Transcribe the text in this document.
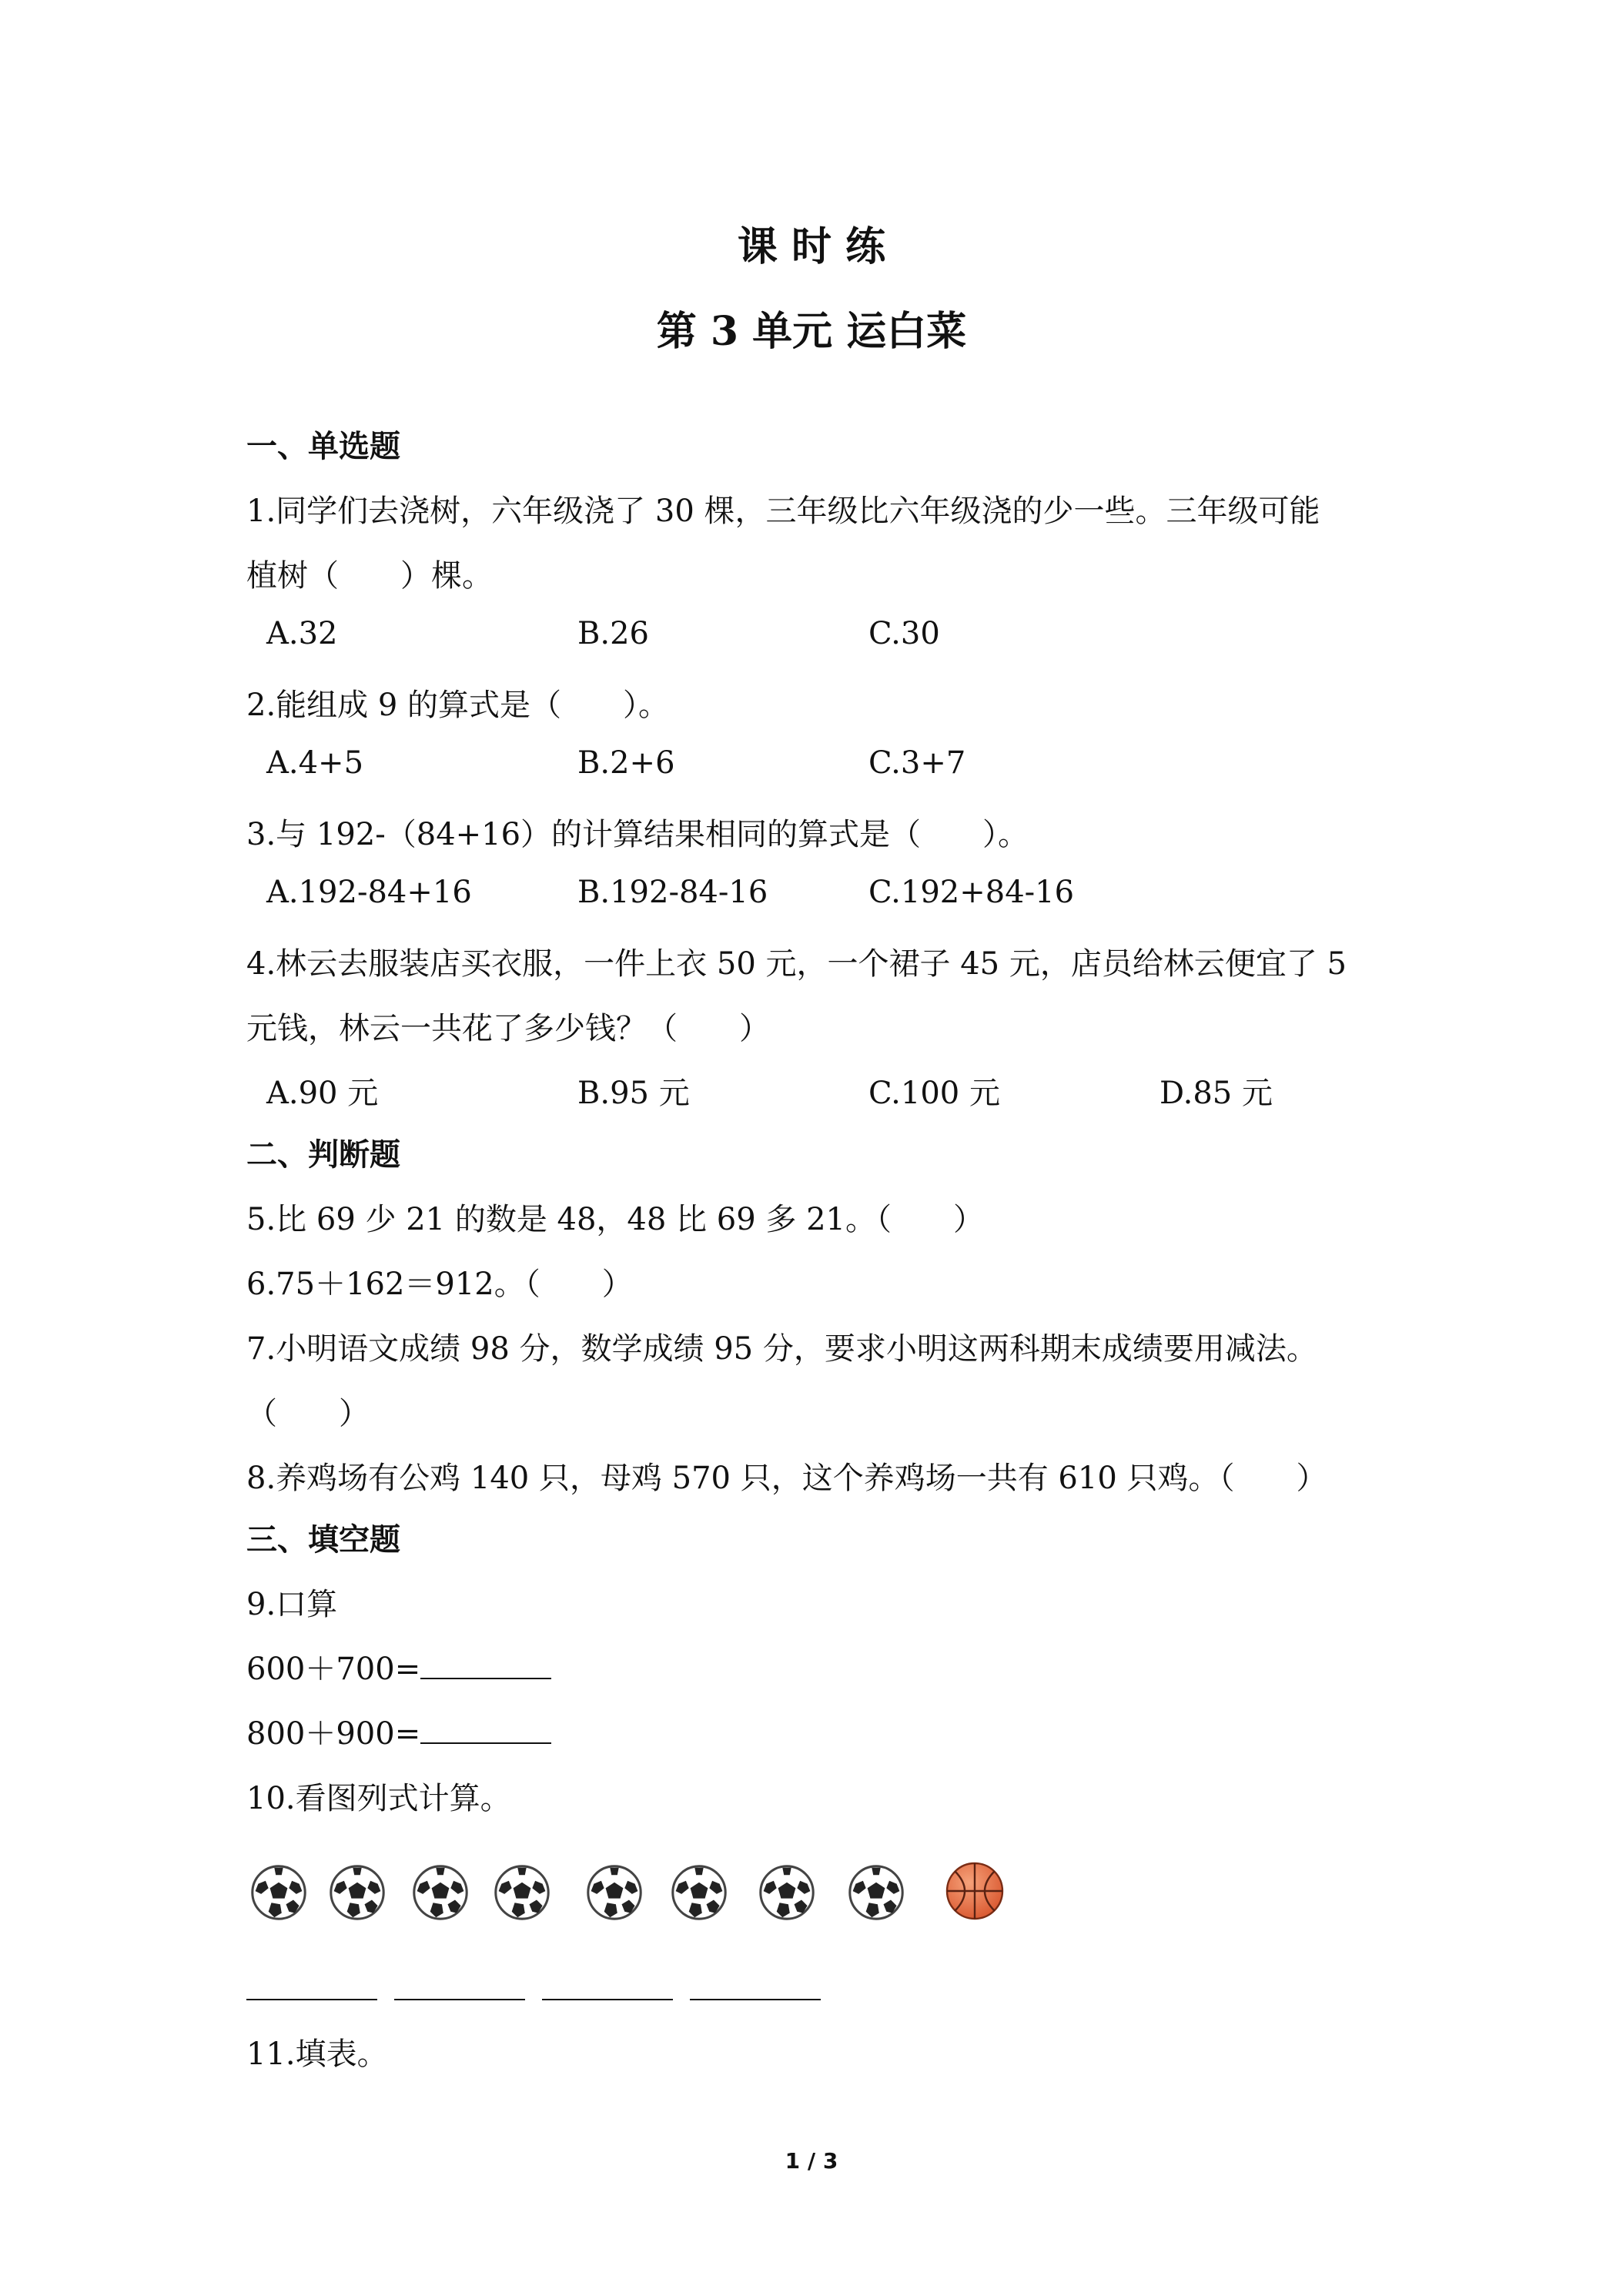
课 时 练
第 3 单元 运白菜
一、单选题
1.同学们去浇树，六年级浇了 30 棵，三年级比六年级浇的少一些。三年级可能
植树（　　）棵。
A.32	B.26	C.30
2.能组成 9 的算式是（　　）。
A.4+5	B.2+6	C.3+7
3.与 192-（84+16）的计算结果相同的算式是（　　）。
A.192-84+16	B.192-84-16	C.192+84-16
4.林云去服装店买衣服，一件上衣 50 元，一个裙子 45 元，店员给林云便宜了 5
元钱，林云一共花了多少钱？（　　）
A.90 元	B.95 元	C.100 元	D.85 元
二、判断题
5.比 69 少 21 的数是 48，48 比 69 多 21。（　　）
6.75＋162＝912。（　　）
7.小明语文成绩 98 分，数学成绩 95 分，要求小明这两科期末成绩要用减法。
（　　）
8.养鸡场有公鸡 140 只，母鸡 570 只，这个养鸡场一共有 610 只鸡。（　　）
三、填空题
9.口算
600＋700=
800＋900=
10.看图列式计算。
11.填表。
1 / 3
